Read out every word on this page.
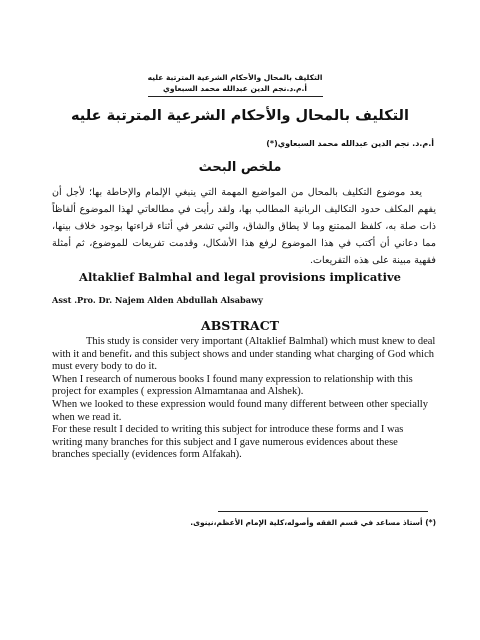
التكليف بالمحال والأحكام الشرعية المترتبة عليه
أ.م.د.نجم الدين عبدالله محمد السبعاوي
التكليف بالمحال والأحكام الشرعية المترتبة عليه
أ.م.د. نجم الدين عبدالله محمد السبعاوي(*)
ملخص البحث

يعد موضوع التكليف بالمحال من المواضيع المهمة التي ينبغي الإلمام والإحاطة بها؛ لأجل أن يفهم المكلف حدود التكاليف الربانية المطالب بها، ولقد رأيت في مطالعاتي لهذا الموضوع ألفاظاً ذات صلة به، كلفظ الممتنع وما لا يطاق والشاق، والتي تشعر في أثناء قراءتها بوجود خلاف بينها، مما دعاني أن أكتب في هذا الموضوع لرفع هذا الأشكال، وقدمت تفريعات للموضوع، ثم أمثلة فقهية مبينة على هذه التفريعات.

Altaklief Balmhal and legal provisions implicative
Asst .Pro. Dr. Najem Alden Abdullah Alsabawy
ABSTRACT

This study is consider very important (Altaklief Balmhal) which must knew to deal with it and benefit، and this subject shows and under standing what charging of God which must every body to do it.

When I research of numerous books I found many expression to relationship with this project for examples ( expression Almamtanaa and Alshek).

When we looked to these expression would found many different between other specially when we read it.

For these result I decided to writing this subject for introduce these forms and I was writing many branches for this subject and I gave numerous evidences about these branches specially (evidences form Alfakah).

(*) أستاذ مساعد في قسم الفقه وأصوله،كلية الإمام الأعظم،نينوى.
